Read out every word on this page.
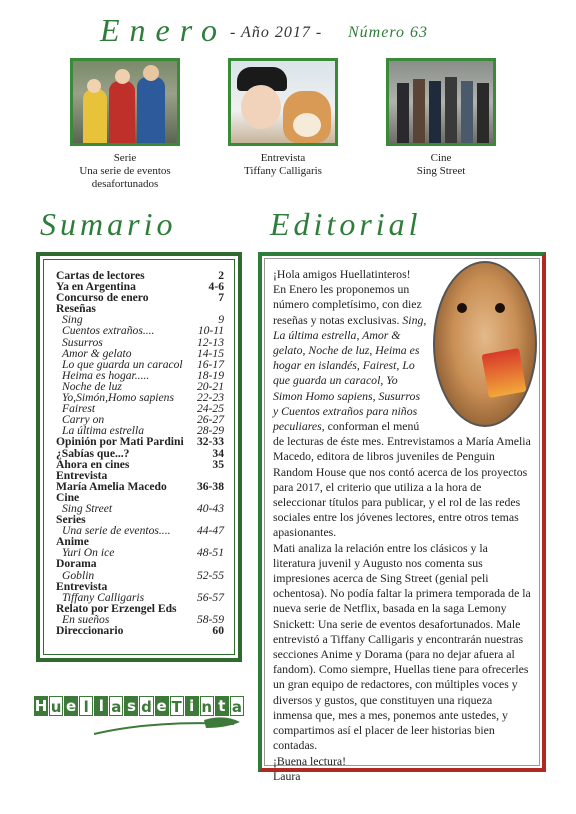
Enero - Año 2017 - Número 63
Serie
Una serie de eventos
desafortunados
Entrevista
Tiffany Calligaris
Cine
Sing Street
Sumario	Editorial
Cartas de lectores	2
Ya en Argentina	4-6
Concurso de enero	7
Reseñas
Sing	9
Cuentos extraños....	10-11
Susurros	12-13
Amor & gelato	14-15
Lo que guarda un caracol 16-17
Heima es hogar.....	18-19
Noche de luz	20-21
Yo,Simón,Homo sapiens 22-23
Fairest	24-25
Carry on	26-27
La última estrella	28-29
Opinión por Mati Pardini 32-33
¿Sabías que...?	34
Ahora en cines	35
Entrevista
María Amelia Macedo	36-38
Cine
Sing Street	40-43
Series
Una serie de eventos.... 44-47
Anime
Yuri On ice	48-51
Dorama
Goblin	52-55
Entrevista
Tiffany Calligaris	56-57
Relato por Erzengel Eds
En sueños	58-59
Direccionario	60
¡Hola amigos Huellatinteros!
En Enero les proponemos un número completísimo, con diez reseñas y notas exclusivas. Sing, La última estrella, Amor & gelato, Noche de luz, Heima es hogar en islandés, Fairest, Lo que guarda un caracol, Yo Simon Homo sapiens, Susurros y Cuentos extraños para niños peculiares, conforman el menú de lecturas de éste mes. Entrevistamos a María Amelia Macedo, editora de libros juveniles de Penguin Random House que nos contó acerca de los proyectos para 2017, el criterio que utiliza a la hora de seleccionar títulos para publicar, y el rol de las redes sociales entre los jóvenes lectores, entre otros temas apasionantes.
Mati analiza la relación entre los clásicos y la literatura juvenil y Augusto nos comenta sus impresiones acerca de Sing Street (genial peli ochentosa). No podía faltar la primera temporada de la nueva serie de Netflix, basada en la saga Lemony Snickett: Una serie de eventos desafortunados. Male entrevistó a Tiffany Calligaris y encontrarán nuestras secciones Anime y Dorama (para no dejar afuera al fandom). Como siempre, Huellas tiene para ofrecerles un gran equipo de redactores, con múltiples voces y diversos y gustos, que constituyen una riqueza inmensa que, mes a mes, ponemos ante ustedes, y compartimos así el placer de leer historias bien contadas.
¡Buena lectura!
Laura
H u e l l a s d e T i n t a
